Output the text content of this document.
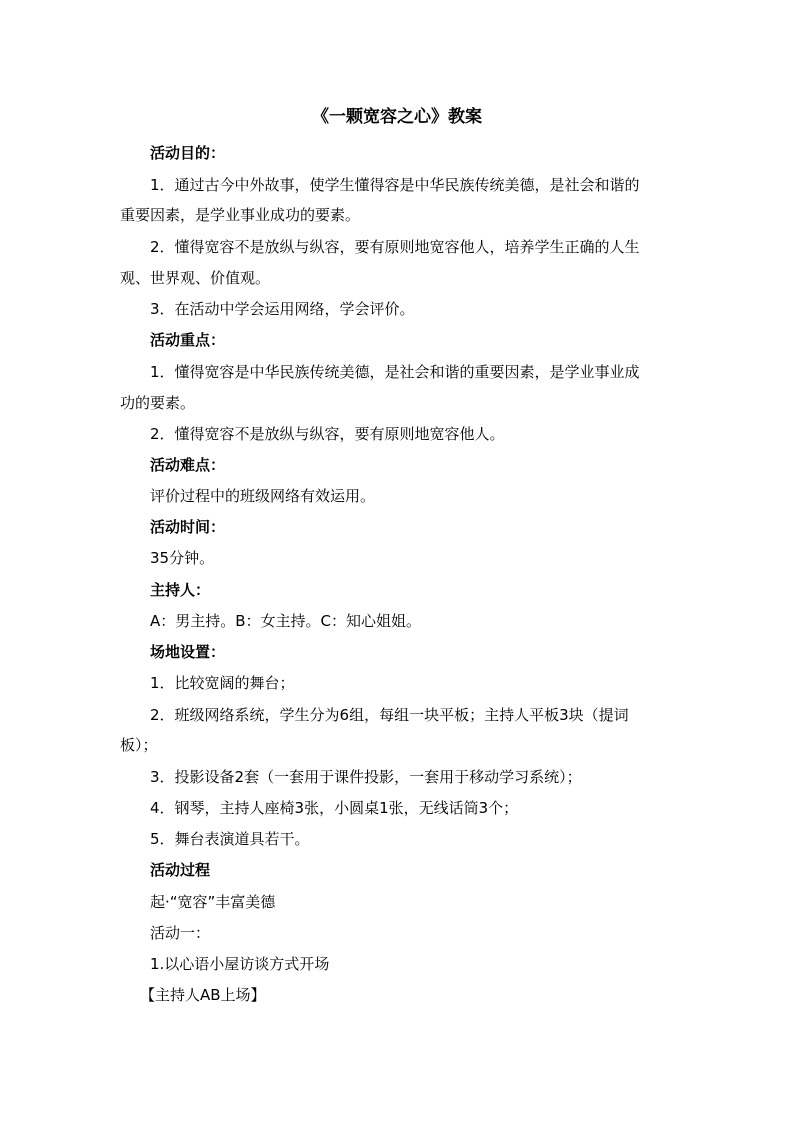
《一颗宽容之心》教案
活动目的：
1．通过古今中外故事，使学生懂得容是中华民族传统美德，是社会和谐的
重要因素，是学业事业成功的要素。
2．懂得宽容不是放纵与纵容，要有原则地宽容他人，培养学生正确的人生
观、世界观、价值观。
3．在活动中学会运用网络，学会评价。
活动重点：
1．懂得宽容是中华民族传统美德，是社会和谐的重要因素，是学业事业成
功的要素。
2．懂得宽容不是放纵与纵容，要有原则地宽容他人。
活动难点：
评价过程中的班级网络有效运用。
活动时间：
35分钟。
主持人：
A：男主持。B：女主持。C：知心姐姐。
场地设置：
1．比较宽阔的舞台；
2．班级网络系统，学生分为6组，每组一块平板；主持人平板3块（提词
板）；
3．投影设备2套（一套用于课件投影，一套用于移动学习系统）；
4．钢琴，主持人座椅3张，小圆桌1张，无线话筒3个；
5．舞台表演道具若干。
活动过程
起·“宽容”丰富美德
活动一：
1.以心语小屋访谈方式开场
【主持人AB上场】
